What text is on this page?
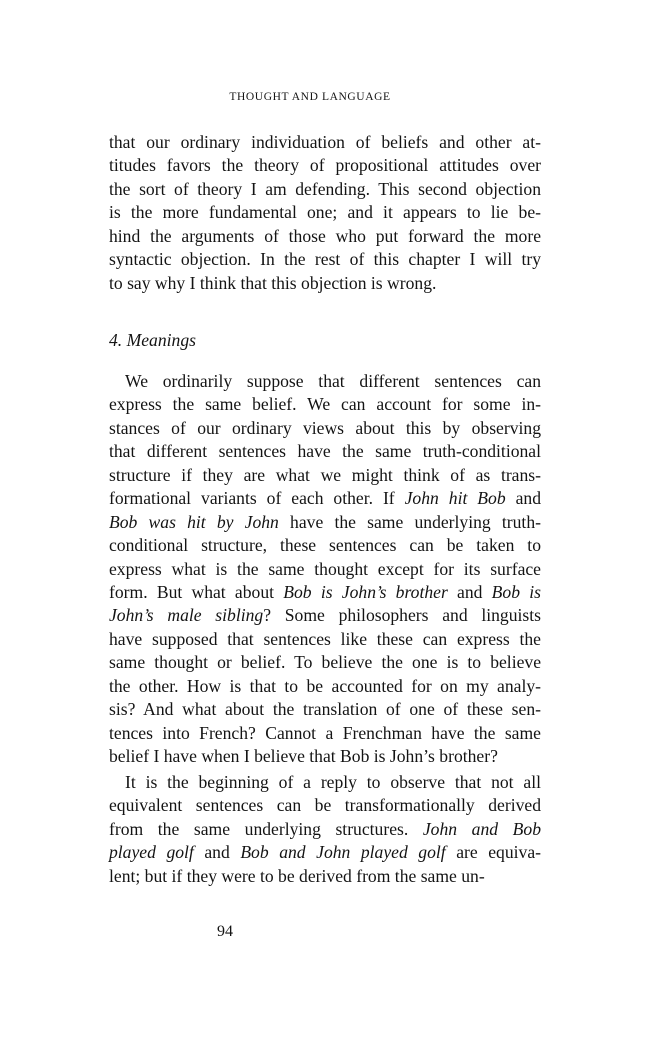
THOUGHT AND LANGUAGE
that our ordinary individuation of beliefs and other at-
titudes favors the theory of propositional attitudes over
the sort of theory I am defending. This second objection
is the more fundamental one; and it appears to lie be-
hind the arguments of those who put forward the more
syntactic objection. In the rest of this chapter I will try
to say why I think that this objection is wrong.
4. Meanings
We ordinarily suppose that different sentences can
express the same belief. We can account for some in-
stances of our ordinary views about this by observing
that different sentences have the same truth-conditional
structure if they are what we might think of as trans-
formational variants of each other. If John hit Bob and
Bob was hit by John have the same underlying truth-
conditional structure, these sentences can be taken to
express what is the same thought except for its surface
form. But what about Bob is John’s brother and Bob is
John’s male sibling? Some philosophers and linguists
have supposed that sentences like these can express the
same thought or belief. To believe the one is to believe
the other. How is that to be accounted for on my analy-
sis? And what about the translation of one of these sen-
tences into French? Cannot a Frenchman have the same
belief I have when I believe that Bob is John’s brother?
It is the beginning of a reply to observe that not all
equivalent sentences can be transformationally derived
from the same underlying structures. John and Bob
played golf and Bob and John played golf are equiva-
lent; but if they were to be derived from the same un-
94
